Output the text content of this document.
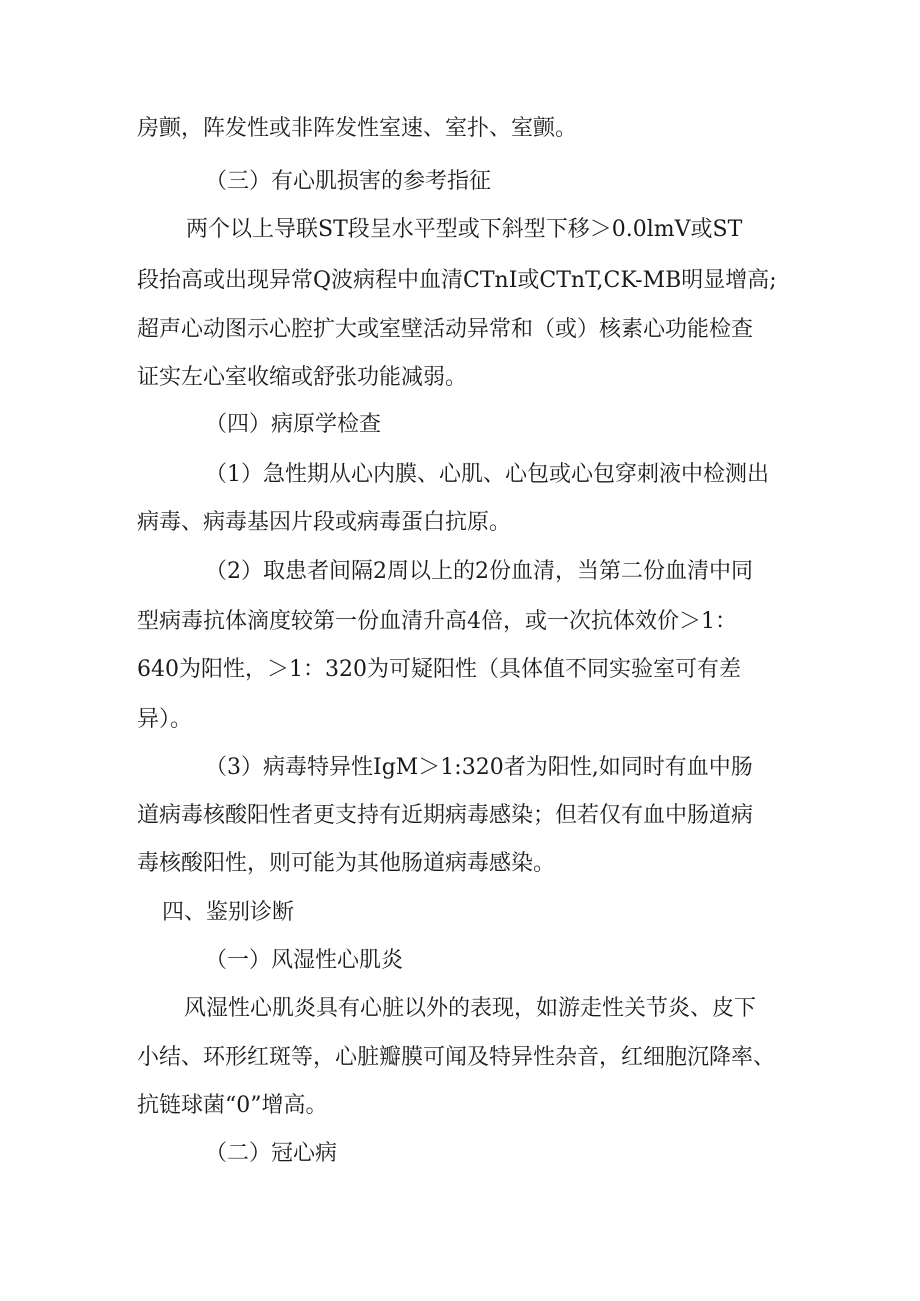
房颤，阵发性或非阵发性室速、室扑、室颤。

（三）有心肌损害的参考指征

两个以上导联ST段呈水平型或下斜型下移＞0.0lmV或ST

段抬高或出现异常Q波病程中血清CTnI或CTnT,CK-MB明显增高;

超声心动图示心腔扩大或室壁活动异常和（或）核素心功能检查

证实左心室收缩或舒张功能减弱。

（四）病原学检查

（1）急性期从心内膜、心肌、心包或心包穿刺液中检测出

病毒、病毒基因片段或病毒蛋白抗原。

（2）取患者间隔2周以上的2份血清，当第二份血清中同

型病毒抗体滴度较第一份血清升高4倍，或一次抗体效价＞1：

640为阳性，＞1：320为可疑阳性（具体值不同实验室可有差

异）。

（3）病毒特异性IgM＞1:320者为阳性,如同时有血中肠

道病毒核酸阳性者更支持有近期病毒感染；但若仅有血中肠道病

毒核酸阳性，则可能为其他肠道病毒感染。

四、鉴别诊断

（一）风湿性心肌炎

风湿性心肌炎具有心脏以外的表现，如游走性关节炎、皮下

小结、环形红斑等，心脏瓣膜可闻及特异性杂音，红细胞沉降率、

抗链球菌“0”增高。

（二）冠心病
